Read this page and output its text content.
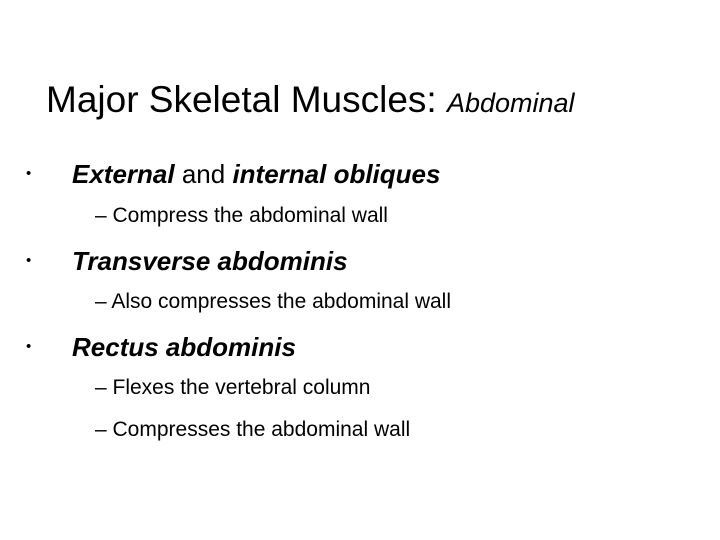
Major Skeletal Muscles: Abdominal
• External and internal obliques
– Compress the abdominal wall
• Transverse abdominis
– Also compresses the abdominal wall
• Rectus abdominis
– Flexes the vertebral column
– Compresses the abdominal wall
